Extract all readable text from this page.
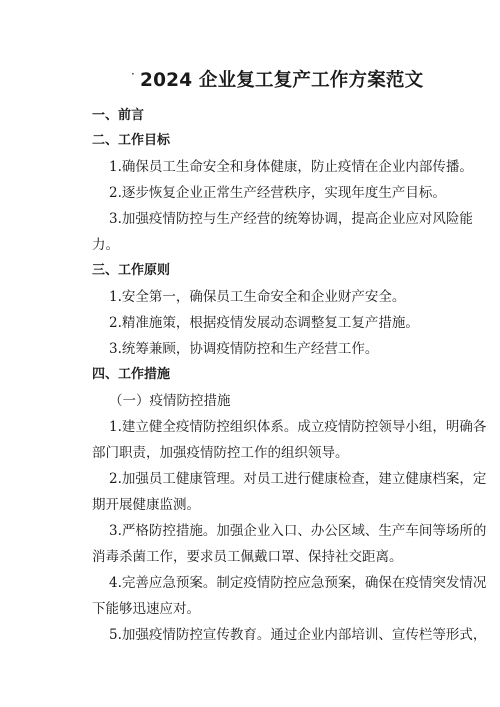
· 2024 企业复工复产工作方案范文
一、前言
二、工作目标
1.确保员工生命安全和身体健康，防止疫情在企业内部传播。
2.逐步恢复企业正常生产经营秩序，实现年度生产目标。
3.加强疫情防控与生产经营的统筹协调，提高企业应对风险能
力。
三、工作原则
1.安全第一，确保员工生命安全和企业财产安全。
2.精准施策，根据疫情发展动态调整复工复产措施。
3.统筹兼顾，协调疫情防控和生产经营工作。
四、工作措施
（一）疫情防控措施
1.建立健全疫情防控组织体系。成立疫情防控领导小组，明确各
部门职责，加强疫情防控工作的组织领导。
2.加强员工健康管理。对员工进行健康检查，建立健康档案，定
期开展健康监测。
3.严格防控措施。加强企业入口、办公区域、生产车间等场所的
消毒杀菌工作，要求员工佩戴口罩、保持社交距离。
4.完善应急预案。制定疫情防控应急预案，确保在疫情突发情况
下能够迅速应对。
5.加强疫情防控宣传教育。通过企业内部培训、宣传栏等形式，
